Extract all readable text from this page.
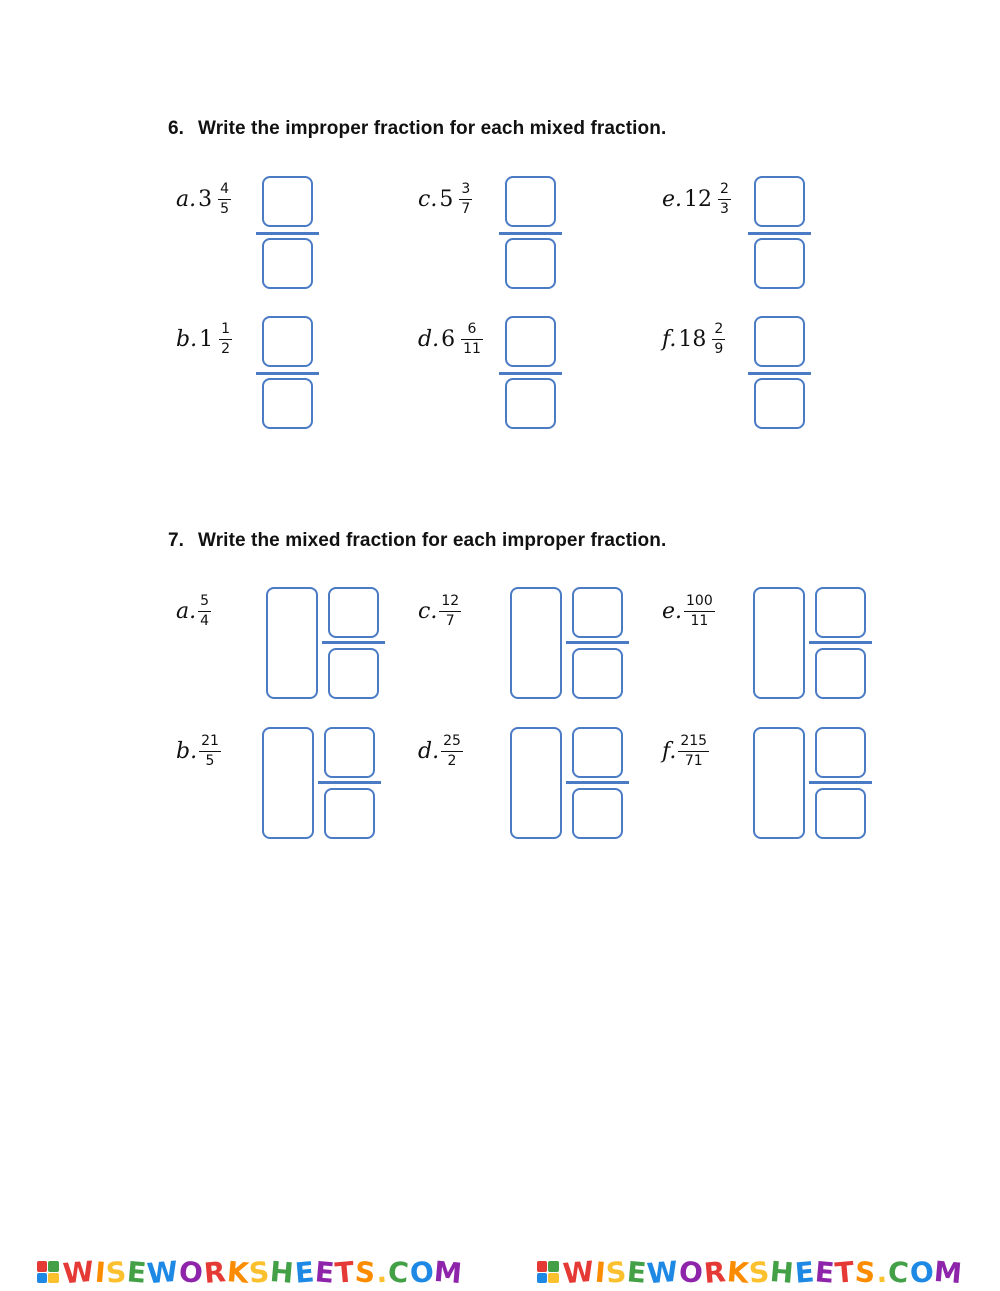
6. Write the improper fraction for each mixed fraction.
a. $3 \frac{4}{5}$	c. $5 \frac{3}{7}$	e. $12 \frac{2}{3}$
b. $1 \frac{1}{2}$	d. $6 \frac{6}{11}$	f. $18 \frac{2}{9}$
7. Write the mixed fraction for each improper fraction.
a. $\frac{5}{4}$	c. $\frac{12}{7}$	e. $\frac{100}{11}$
b. $\frac{21}{5}$	d. $\frac{25}{2}$	f. $\frac{215}{71}$
WISEWORKSHEETS.COM	WISEWORKSHEETS.COM
